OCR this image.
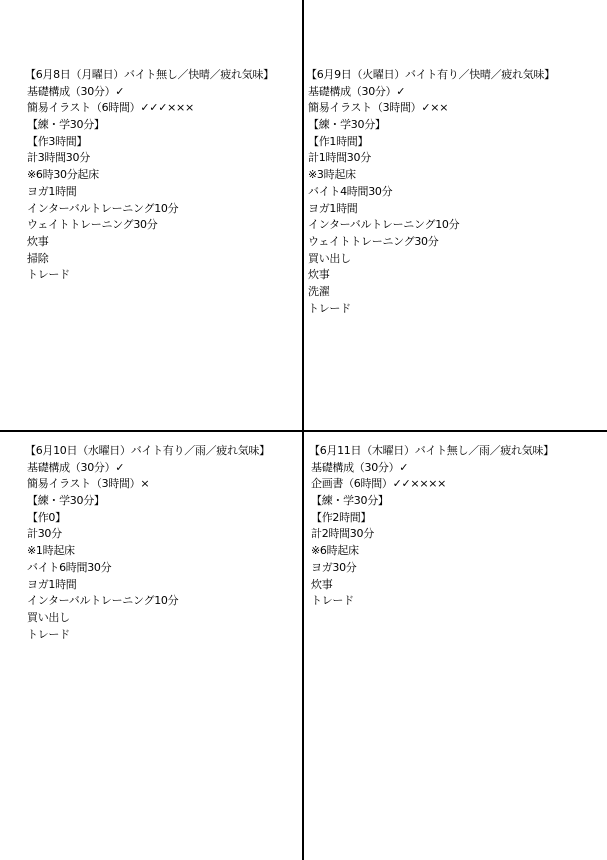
【6月8日（月曜日）バイト無し／快晴／疲れ気味】
基礎構成（30分）✓
簡易イラスト（6時間）✓✓✓×××
【練・学30分】
【作3時間】
計3時間30分
※6時30分起床
ヨガ1時間
インターバルトレーニング10分
ウェイトトレーニング30分
炊事
掃除
トレード
【6月9日（火曜日）バイト有り／快晴／疲れ気味】
基礎構成（30分）✓
簡易イラスト（3時間）✓××
【練・学30分】
【作1時間】
計1時間30分
※3時起床
バイト4時間30分
ヨガ1時間
インターバルトレーニング10分
ウェイトトレーニング30分
買い出し
炊事
洗濯
トレード
【6月10日（水曜日）バイト有り／雨／疲れ気味】
基礎構成（30分）✓
簡易イラスト（3時間）×
【練・学30分】
【作0】
計30分
※1時起床
バイト6時間30分
ヨガ1時間
インターバルトレーニング10分
買い出し
トレード
【6月11日（木曜日）バイト無し／雨／疲れ気味】
基礎構成（30分）✓
企画書（6時間）✓✓××××
【練・学30分】
【作2時間】
計2時間30分
※6時起床
ヨガ30分
炊事
トレード
